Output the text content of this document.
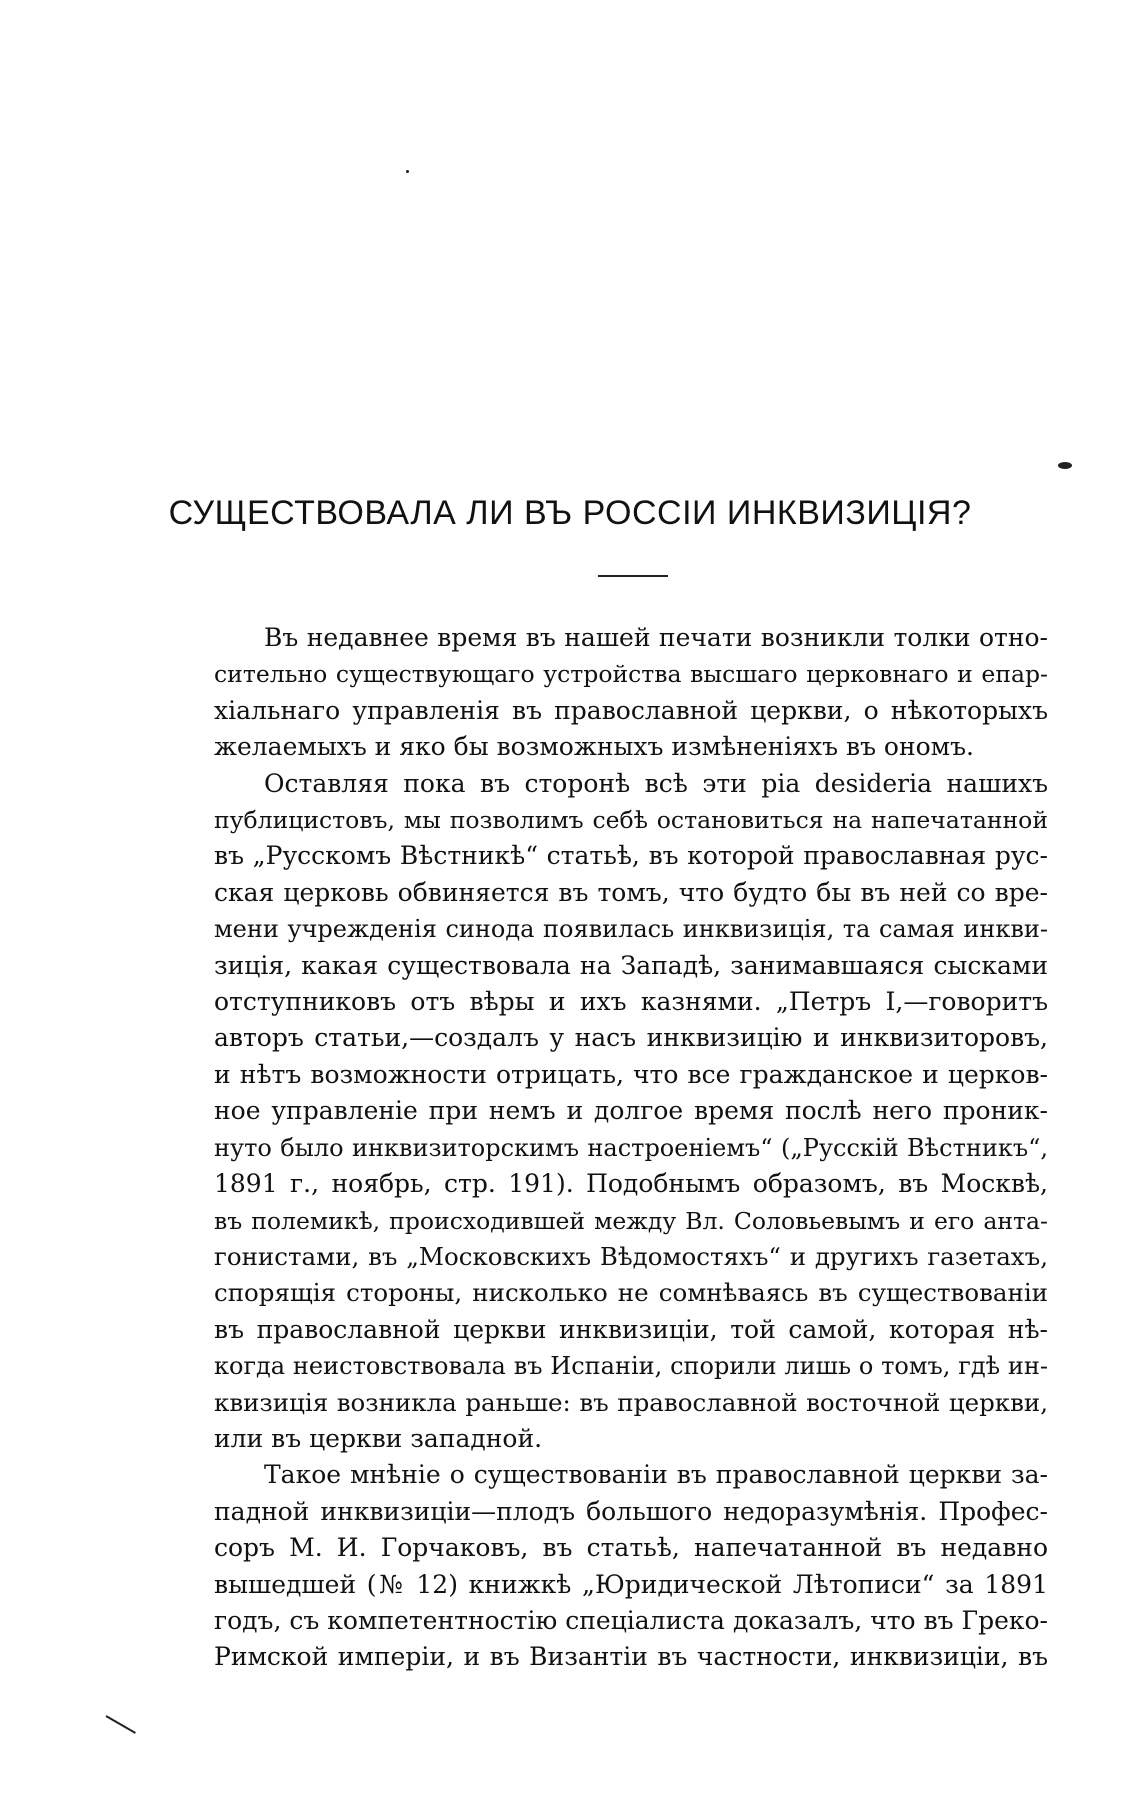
СУЩЕСТВОВАЛА ЛИ ВЪ РОССІИ ИНКВИЗИЦІЯ?

Въ недавнее время въ нашей печати возникли толки отно-
сительно существующаго устройства высшаго церковнаго и епар-
хіальнаго управленія въ православной церкви, о нѣкоторыхъ
желаемыхъ и яко бы возможныхъ измѣненіяхъ въ ономъ.

Оставляя пока въ сторонѣ всѣ эти pia desideria нашихъ
публицистовъ, мы позволимъ себѣ остановиться на напечатанной
въ „Русскомъ Вѣстникѣ“ статьѣ, въ которой православная рус-
ская церковь обвиняется въ томъ, что будто бы въ ней со вре-
мени учрежденія синода появилась инквизиція, та самая инкви-
зиція, какая существовала на Западѣ, занимавшаяся сысками
отступниковъ отъ вѣры и ихъ казнями. „Петръ I,—говоритъ
авторъ статьи,—создалъ у насъ инквизицію и инквизиторовъ,
и нѣтъ возможности отрицать, что все гражданское и церков-
ное управленіе при немъ и долгое время послѣ него проник-
нуто было инквизиторскимъ настроеніемъ“ („Русскій Вѣстникъ“,
1891 г., ноябрь, стр. 191). Подобнымъ образомъ, въ Москвѣ,
въ полемикѣ, происходившей между Вл. Соловьевымъ и его анта-
гонистами, въ „Московскихъ Вѣдомостяхъ“ и другихъ газетахъ,
спорящія стороны, нисколько не сомнѣваясь въ существованіи
въ православной церкви инквизиціи, той самой, которая нѣ-
когда неистовствовала въ Испаніи, спорили лишь о томъ, гдѣ ин-
квизиція возникла раньше: въ православной восточной церкви,
или въ церкви западной.

Такое мнѣніе о существованіи въ православной церкви за-
падной инквизиціи—плодъ большого недоразумѣнія. Профес-
соръ М. И. Горчаковъ, въ статьѣ, напечатанной въ недавно
вышедшей (№ 12) книжкѣ „Юридической Лѣтописи“ за 1891
годъ, съ компетентностію спеціалиста доказалъ, что въ Греко-
Римской имперіи, и въ Византіи въ частности, инквизиціи, въ
